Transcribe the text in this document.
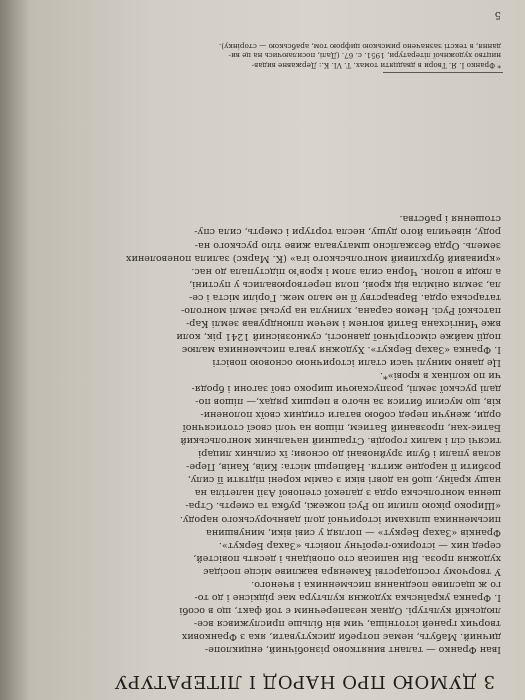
3 ДУМОЮ ПРО НАРОД І ЛІТЕРАТУРУ
Іван Франко — талант винятково різнобічний, енциклопе-
дичний. Мабуть, немає потреби дискутувати, яка з Франкових
творчих граней істотніша, чим він більше прислужився все-
людській культурі. Однак незаперечним є той факт, що в особі
І. Франка українська художня культура має рідкісне і до то-
го ж щасливе поєднання письменника і вченого.
У творчому господарстві Каменяра важливе місце посідає
художня проза. Він написав сто оповідань і десять повістей,
серед них — історико-героїчну повість «Захар Беркут».
Франків «Захар Беркут» — погляд у сиві віки, минувшина
письменника шляхами історичної долі давньоруського народу.
«Широко рікою плили по Русі пожежі, рубка та смерть. Стра-
шенна монгольська орда з далекої степової Азії налетіла на
нашу країну, щоб на довгі віки з самім корені підтяти її силу,
розбити її народне життя. Найперші міста: Київ, Канів, Пере-
яслав упали і були зруйновані до основи; їх сильних лицарі
тисячі сіл і малих городів. Страшний начальник монгольський
Батиє-хан, прозваний Батиєм, пішов на чолі своєї стотисячної
орди, женучи перед собою ватаги стидних своїх полонени-
ків, що мусили битися за нього в перших рядах,— пішов по-
далі руської землі, розпускаючи широко свої загони і бродя-
чи по колінах в крові»*.
Це давно минулі часи стали історичною основою повісті
І. Франка «Захар Беркут». Художня увага письменника малює
події майже сімсотрічної давності, сумнозвісний 1241 рік, коли
вже Чингісхана Батий вогнем і мечем плюндрував землі Кар-
патської Русі. Немов сарана, хлинула на руські землі монголо-
татарська орда. Варварству її не мало меж. Горіли міста і се-
ла, земля оніміла від крові, поля перетворювались у пустині,
а люди в полон. Чорна сила злом і кров'ю підступала до нас.
«кривавий бурхливий монгольського іга» (К. Маркс) залила поневолених
земель. Орда безжалісно шматувала живе тіло руського на-
роду, нівечила його душу, несла тортури і смерть, сила спу-
стошення і рабства.
* Франко І. Я. Твори в двадцяти томах. Т. VI. К.: Державне видав-
ництво художньої літератури, 1951. с. 67. (Далі, посилаючись на це ви-
дання, в тексті зазначено римською цифрою том, арабською — сторінку).
5
